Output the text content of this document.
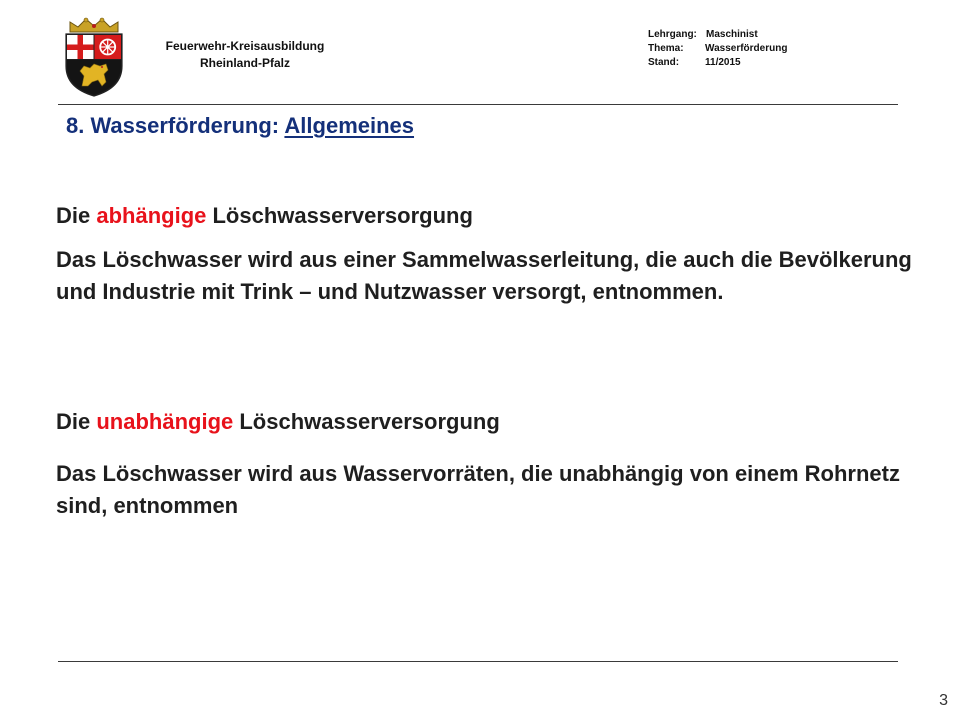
Feuerwehr-Kreisausbildung
Rheinland-Pfalz
Lehrgang: Maschinist
Thema: Wasserförderung
Stand:	11/2015
8. Wasserförderung: Allgemeines
Die abhängige Löschwasserversorgung
Das Löschwasser wird aus einer Sammelwasserleitung, die auch die Bevölkerung und Industrie mit Trink – und Nutzwasser versorgt, entnommen.
Die unabhängige Löschwasserversorgung
Das Löschwasser wird aus Wasservorräten, die unabhängig von einem Rohrnetz sind, entnommen
3
